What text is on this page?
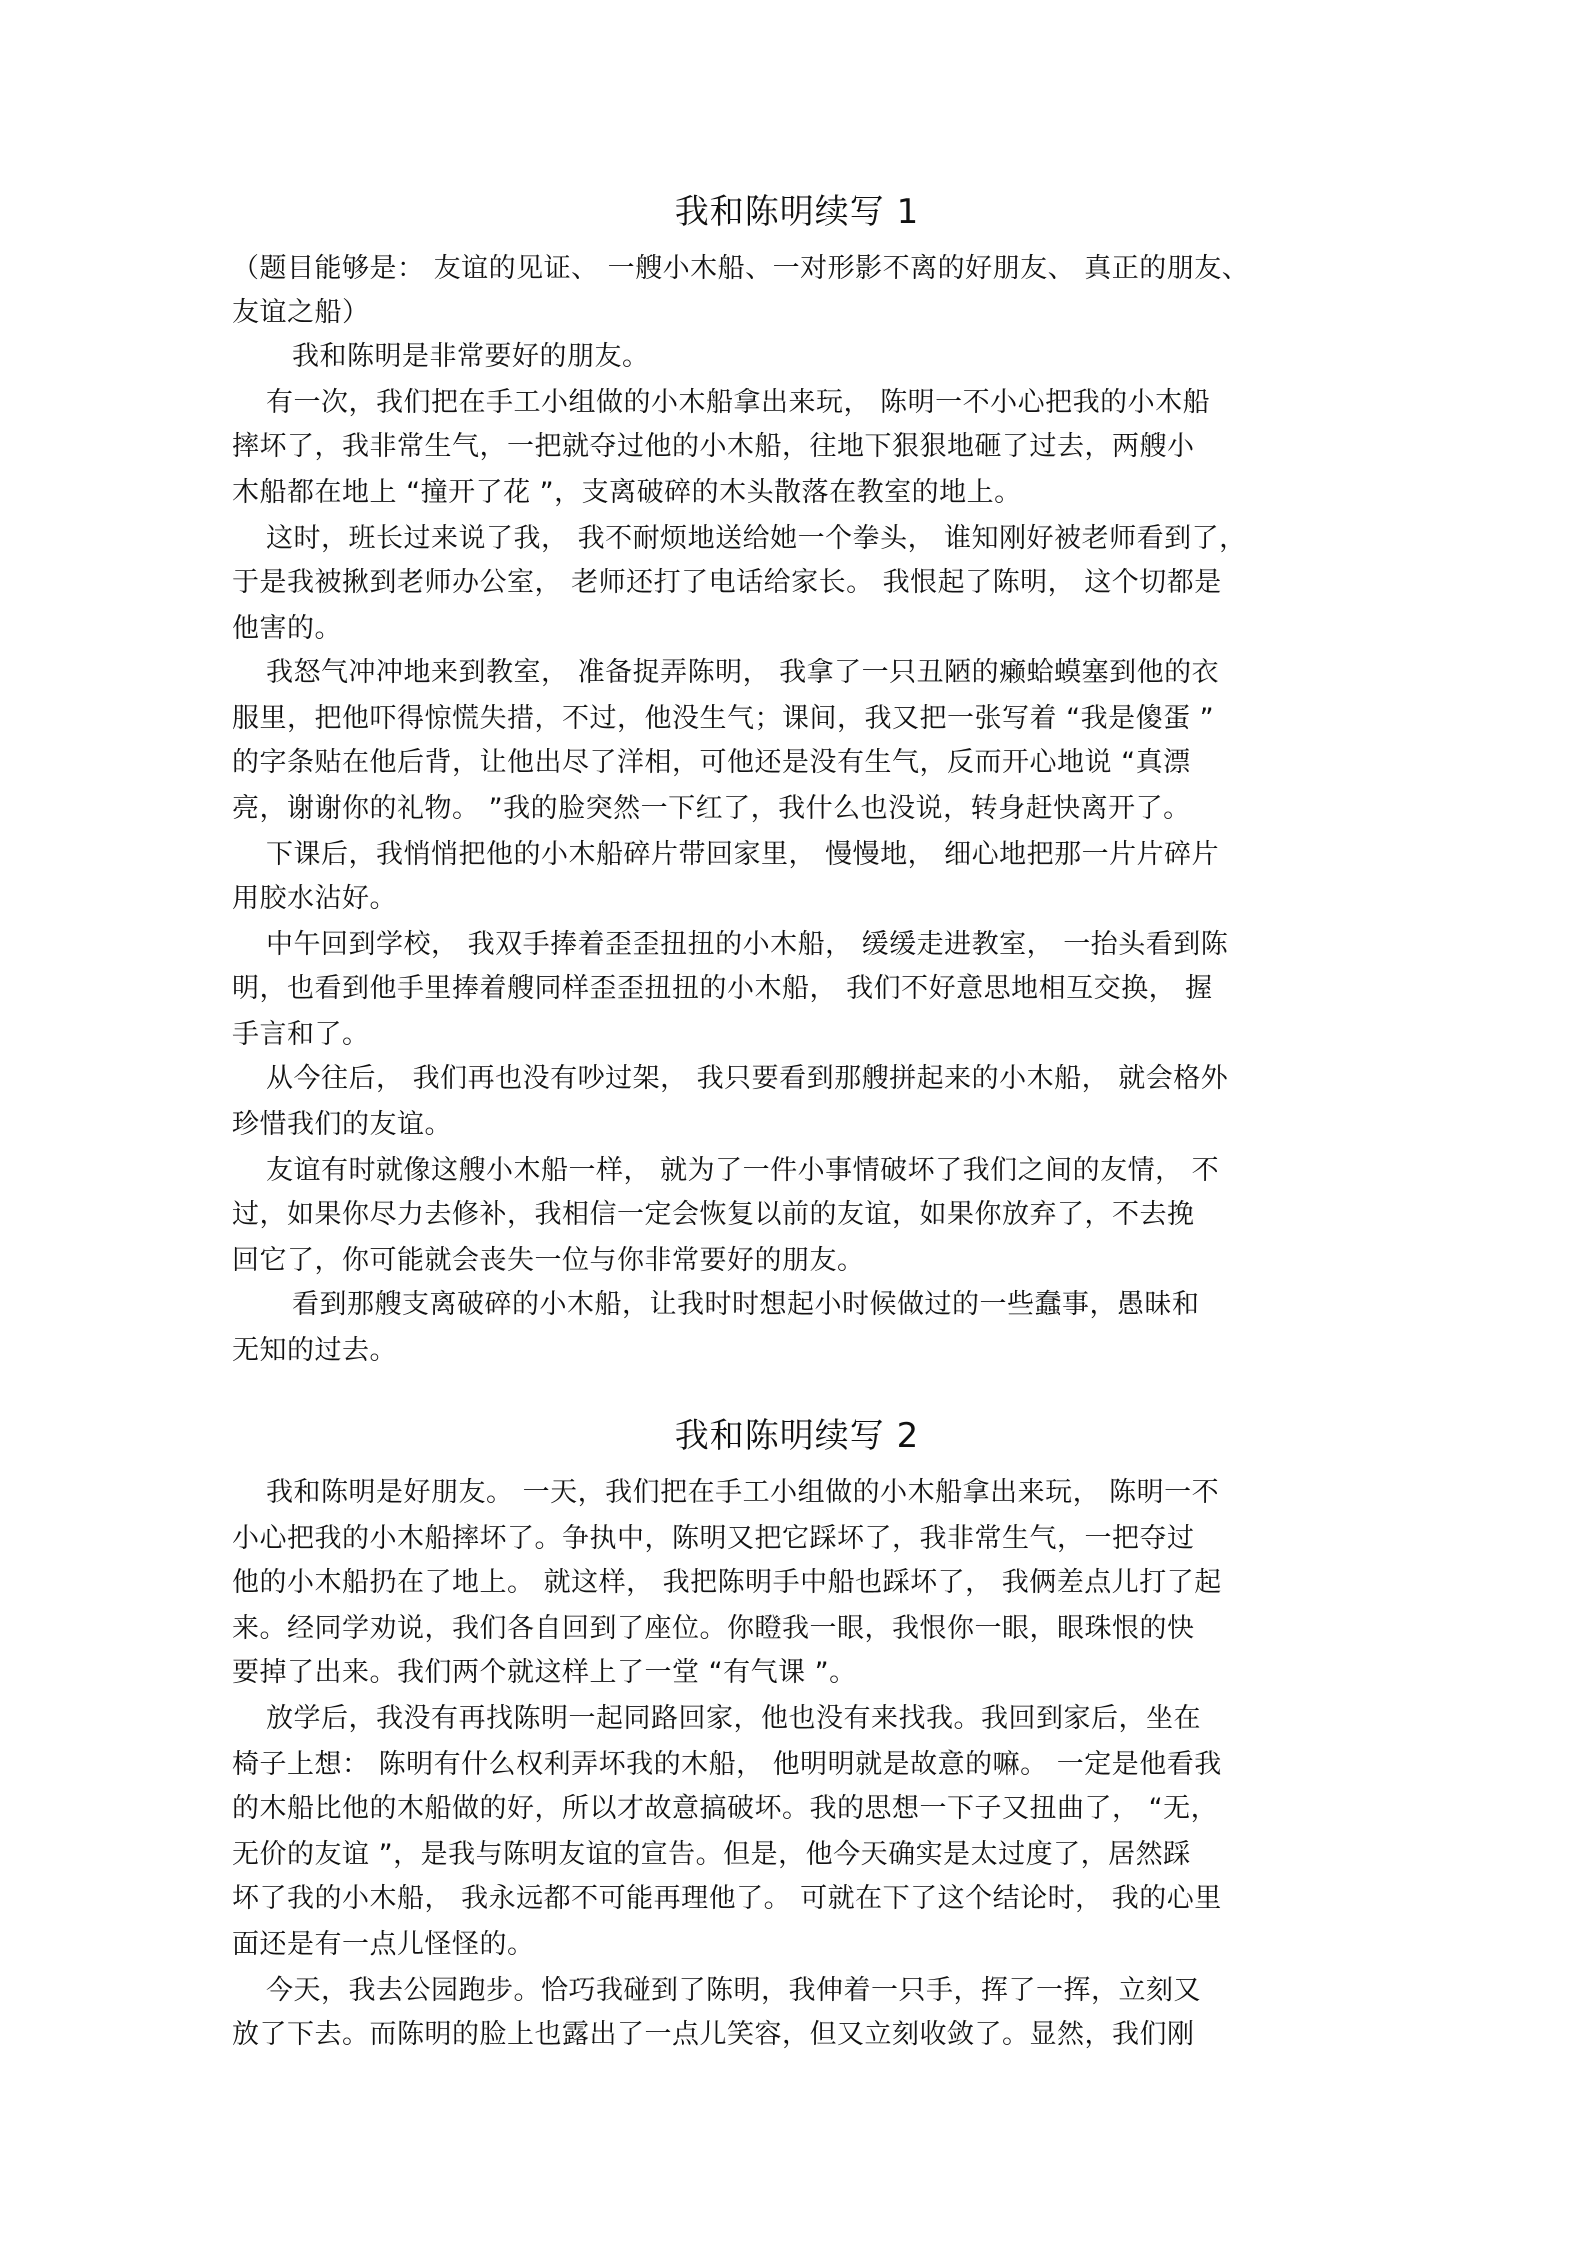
我和陈明续写 1
（题目能够是： 友谊的见证、 一艘小木船、一对形影不离的好朋友、 真正的朋友、
友谊之船）
我和陈明是非常要好的朋友。
有一次，我们把在手工小组做的小木船拿出来玩， 陈明一不小心把我的小木船
摔坏了，我非常生气，一把就夺过他的小木船，往地下狠狠地砸了过去，两艘小
木船都在地上 “撞开了花 ”，支离破碎的木头散落在教室的地上。
这时，班长过来说了我， 我不耐烦地送给她一个拳头， 谁知刚好被老师看到了，
于是我被揪到老师办公室， 老师还打了电话给家长。 我恨起了陈明， 这个切都是
他害的。
我怒气冲冲地来到教室， 准备捉弄陈明， 我拿了一只丑陋的癞蛤蟆塞到他的衣
服里，把他吓得惊慌失措，不过，他没生气；课间，我又把一张写着 “我是傻蛋 ”
的字条贴在他后背，让他出尽了洋相，可他还是没有生气，反而开心地说 “真漂
亮，谢谢你的礼物。 ”我的脸突然一下红了，我什么也没说，转身赶快离开了。
下课后，我悄悄把他的小木船碎片带回家里， 慢慢地， 细心地把那一片片碎片
用胶水沾好。
中午回到学校， 我双手捧着歪歪扭扭的小木船， 缓缓走进教室， 一抬头看到陈
明，也看到他手里捧着艘同样歪歪扭扭的小木船， 我们不好意思地相互交换， 握
手言和了。
从今往后， 我们再也没有吵过架， 我只要看到那艘拼起来的小木船， 就会格外
珍惜我们的友谊。
友谊有时就像这艘小木船一样， 就为了一件小事情破坏了我们之间的友情， 不
过，如果你尽力去修补，我相信一定会恢复以前的友谊，如果你放弃了，不去挽
回它了，你可能就会丧失一位与你非常要好的朋友。
看到那艘支离破碎的小木船，让我时时想起小时候做过的一些蠢事，愚昧和
无知的过去。
我和陈明续写 2
我和陈明是好朋友。 一天，我们把在手工小组做的小木船拿出来玩， 陈明一不
小心把我的小木船摔坏了。争执中，陈明又把它踩坏了，我非常生气，一把夺过
他的小木船扔在了地上。 就这样， 我把陈明手中船也踩坏了， 我俩差点儿打了起
来。经同学劝说，我们各自回到了座位。你瞪我一眼，我恨你一眼，眼珠恨的快
要掉了出来。我们两个就这样上了一堂 “有气课 ”。
放学后，我没有再找陈明一起同路回家，他也没有来找我。我回到家后，坐在
椅子上想： 陈明有什么权利弄坏我的木船， 他明明就是故意的嘛。 一定是他看我
的木船比他的木船做的好，所以才故意搞破坏。我的思想一下子又扭曲了， “无，
无价的友谊 ”，是我与陈明友谊的宣告。但是，他今天确实是太过度了，居然踩
坏了我的小木船， 我永远都不可能再理他了。 可就在下了这个结论时， 我的心里
面还是有一点儿怪怪的。
今天，我去公园跑步。恰巧我碰到了陈明，我伸着一只手，挥了一挥，立刻又
放了下去。而陈明的脸上也露出了一点儿笑容，但又立刻收敛了。显然，我们刚
